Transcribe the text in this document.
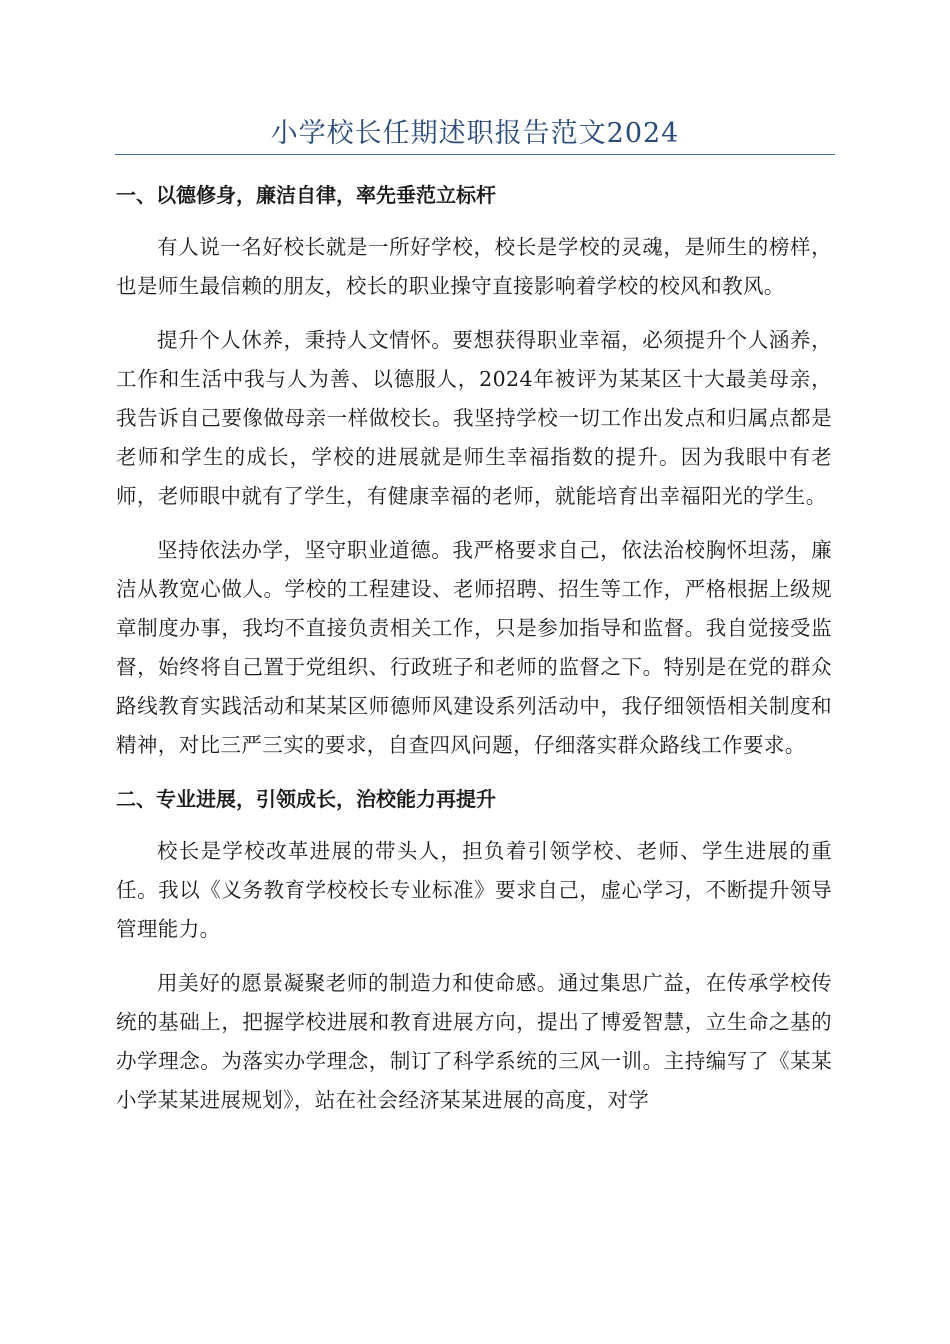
小学校长任期述职报告范文2024
一、以德修身，廉洁自律，率先垂范立标杆

有人说一名好校长就是一所好学校，校长是学校的灵魂，是师生的榜样，也是师生最信赖的朋友，校长的职业操守直接影响着学校的校风和教风。

提升个人休养，秉持人文情怀。要想获得职业幸福，必须提升个人涵养，工作和生活中我与人为善、以德服人，2024年被评为某某区十大最美母亲，我告诉自己要像做母亲一样做校长。我坚持学校一切工作出发点和归属点都是老师和学生的成长，学校的进展就是师生幸福指数的提升。因为我眼中有老师，老师眼中就有了学生，有健康幸福的老师，就能培育出幸福阳光的学生。

坚持依法办学，坚守职业道德。我严格要求自己，依法治校胸怀坦荡，廉洁从教宽心做人。学校的工程建设、老师招聘、招生等工作，严格根据上级规章制度办事，我均不直接负责相关工作，只是参加指导和监督。我自觉接受监督，始终将自己置于党组织、行政班子和老师的监督之下。特别是在党的群众路线教育实践活动和某某区师德师风建设系列活动中，我仔细领悟相关制度和精神，对比三严三实的要求，自查四风问题，仔细落实群众路线工作要求。

二、专业进展，引领成长，治校能力再提升

校长是学校改革进展的带头人，担负着引领学校、老师、学生进展的重任。我以《义务教育学校校长专业标准》要求自己，虚心学习，不断提升领导管理能力。

用美好的愿景凝聚老师的制造力和使命感。通过集思广益，在传承学校传统的基础上，把握学校进展和教育进展方向，提出了博爱智慧，立生命之基的办学理念。为落实办学理念，制订了科学系统的三风一训。主持编写了《某某小学某某进展规划》，站在社会经济某某进展的高度，对学
